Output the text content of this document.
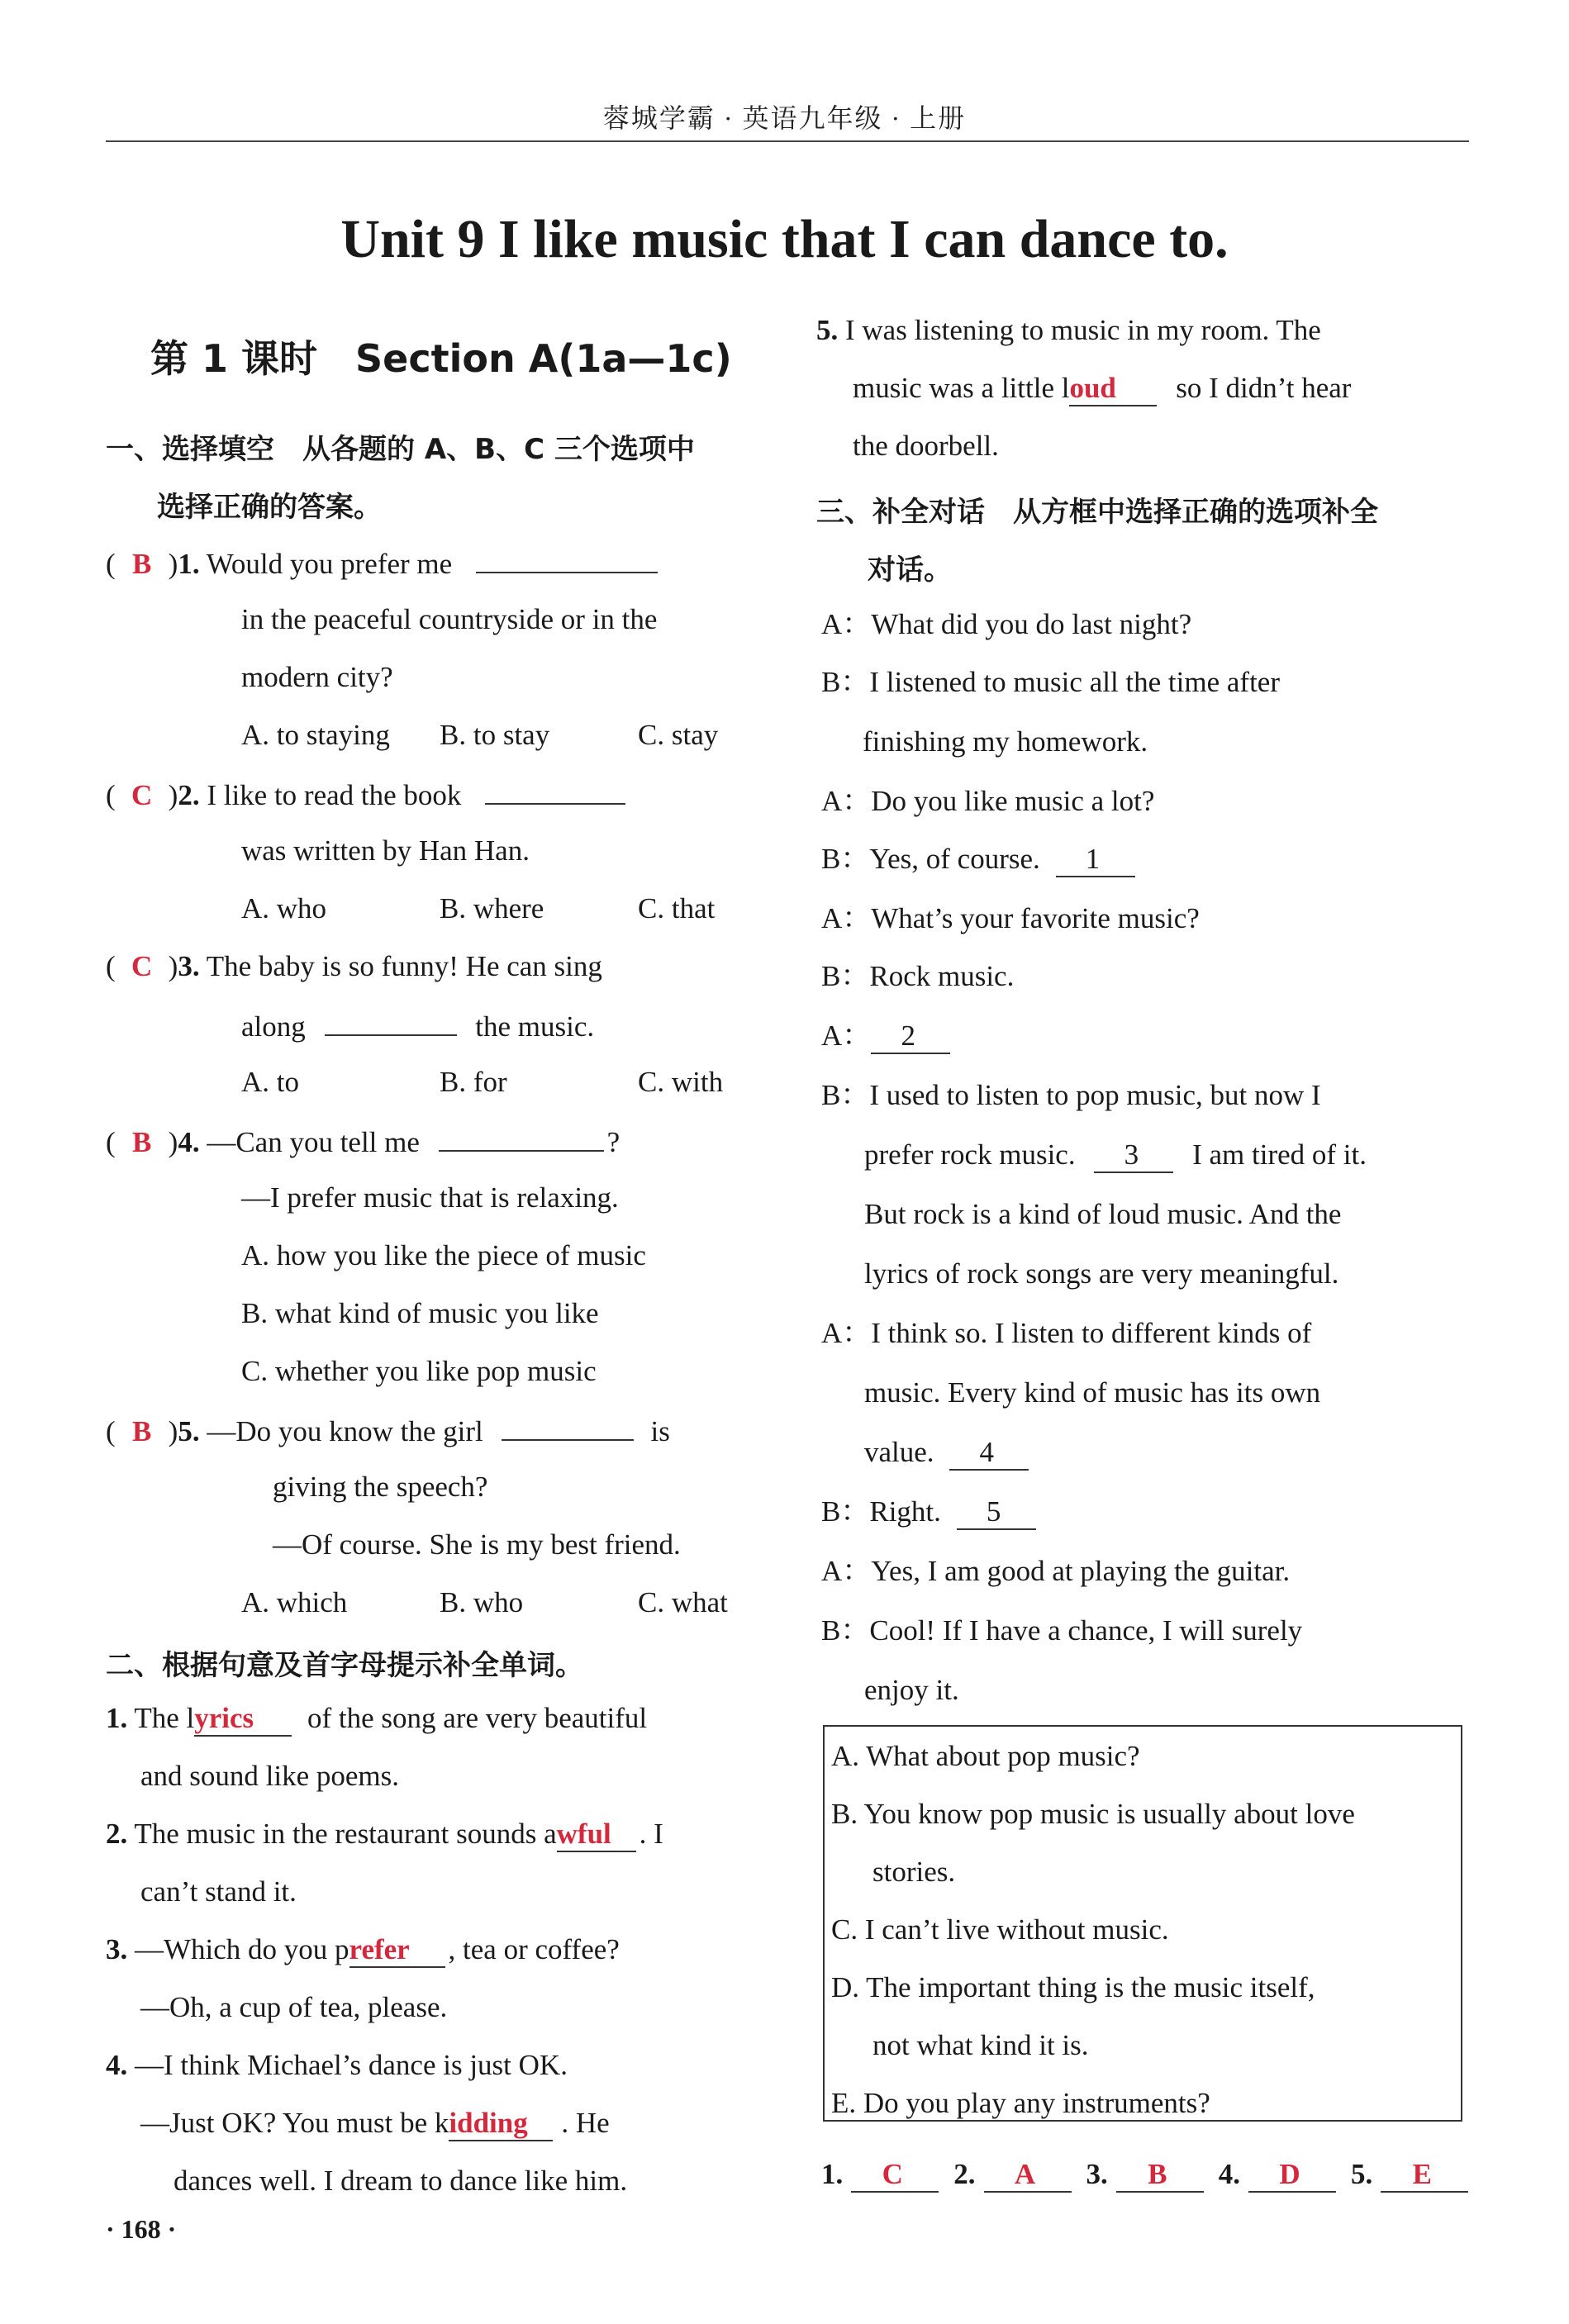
蓉城学霸 · 英语九年级 · 上册
Unit 9 I like music that I can dance to.
第 1 课时　Section A(1a—1c)
一、选择填空　从各题的 A、B、C 三个选项中
选择正确的答案。
( B )1. Would you prefer me
in the peaceful countryside or in the
modern city?
A. to staying B. to stay	C. stay
( C )2. I like to read the book
was written by Han Han.
A. who	B. where	C. that
( C )3. The baby is so funny! He can sing
along	the music.
A. to	B. for	C. with
( B )4. —Can you tell me	?
—I prefer music that is relaxing.
A. how you like the piece of music
B. what kind of music you like
C. whether you like pop music
( B )5. —Do you know the girl	is
giving the speech?
—Of course. She is my best friend.
A. which	B. who	C. what
二、根据句意及首字母提示补全单词。
1. The lyrics of the song are very beautiful
and sound like poems.
2. The music in the restaurant sounds awful . I
can’t stand it.
3. —Which do you prefer , tea or coffee?
—Oh, a cup of tea, please.
4. —I think Michael’s dance is just OK.
—Just OK? You must be kidding . He
dances well. I dream to dance like him.
· 168 ·
5. I was listening to music in my room. The
music was a little loud so I didn’t hear
the doorbell.
三、补全对话　从方框中选择正确的选项补全
对话。
A：What did you do last night?
B：I listened to music all the time after
finishing my homework.
A：Do you like music a lot?
B：Yes, of course. 1
A：What’s your favorite music?
B：Rock music.
A： 2
B：I used to listen to pop music, but now I
prefer rock music. 3 I am tired of it.
But rock is a kind of loud music. And the
lyrics of rock songs are very meaningful.
A：I think so. I listen to different kinds of
music. Every kind of music has its own
value. 4
B：Right. 5
A：Yes, I am good at playing the guitar.
B：Cool! If I have a chance, I will surely
enjoy it.
A. What about pop music?
B. You know pop music is usually about love
stories.
C. I can’t live without music.
D. The important thing is the music itself,
not what kind it is.
E. Do you play any instruments?
1. C 2. A 3. B 4. D 5. E
